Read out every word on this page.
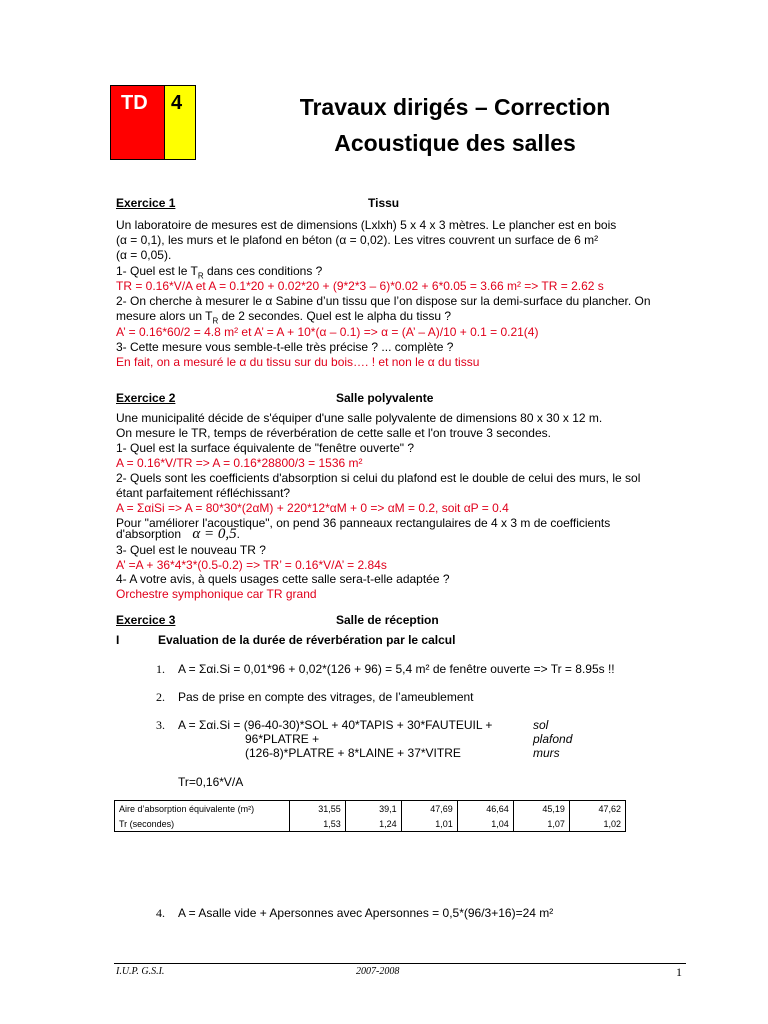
TD	4	Travaux dirigés – Correction
Acoustique des salles
Exercice 1	Tissu
Un laboratoire de mesures est de dimensions (Lxlxh) 5 x 4 x 3 mètres. Le plancher est en bois
(α = 0,1), les murs et le plafond en béton (α = 0,02). Les vitres couvrent un surface de 6 m²
(α = 0,05).
1- Quel est le $T_R$ dans ces conditions ?
TR = 0.16*V/A et A = 0.1*20 + 0.02*20 + (9*2*3 – 6)*0.02 + 6*0.05 = 3.66 m² => TR = 2.62 s
2- On cherche à mesurer le α Sabine d’un tissu que l’on dispose sur la demi-surface du plancher. On
mesure alors un $T_R$ de 2 secondes. Quel est le alpha du tissu ?
A’ = 0.16*60/2 = 4.8 m² et A’ = A + 10*(α – 0.1) => α = (A’ – A)/10 + 0.1 = 0.21(4)
3- Cette mesure vous semble-t-elle très précise ? ... complète ?
En fait, on a mesuré le α du tissu sur du bois…. ! et non le α du tissu
Exercice 2	Salle polyvalente
Une municipalité décide de s'équiper d'une salle polyvalente de dimensions 80 x 30 x 12 m.
On mesure le TR, temps de réverbération de cette salle et l'on trouve 3 secondes.
1- Quel est la surface équivalente de "fenêtre ouverte" ?
A = 0.16*V/TR => A = 0.16*28800/3 = 1536 m²
2- Quels sont les coefficients d'absorption si celui du plafond est le double de celui des murs, le sol
étant parfaitement réfléchissant?
A = ΣαiSi => A = 80*30*(2αM) + 220*12*αM + 0 => αM = 0.2, soit αP = 0.4
Pour "améliorer l'acoustique", on pend 36 panneaux rectangulaires de 4 x 3 m de coefficients
d'absorption α = 0,5.
3- Quel est le nouveau TR ?
A’ =A + 36*4*3*(0.5-0.2) => TR’ = 0.16*V/A’ = 2.84s
4- A votre avis, à quels usages cette salle sera-t-elle adaptée ?
Orchestre symphonique car TR grand
Exercice 3	Salle de réception
I	Evaluation de la durée de réverbération par le calcul
1. A = Σαi.Si = 0,01*96 + 0,02*(126 + 96) = 5,4 m² de fenêtre ouverte => Tr = 8.95s !!
2. Pas de prise en compte des vitrages, de l’ameublement
3. A = Σαi.Si = (96-40-30)*SOL + 40*TAPIS + 30*FAUTEUIL +
96*PLATRE +
(126-8)*PLATRE + 8*LAINE + 37*VITRE
sol
plafond
murs
Tr=0,16*V/A
Aire d’absorption équivalente (m²)	31,55	39,1	47,69	46,64	45,19	47,62
Tr (secondes)	1,53	1,24	1,01	1,04	1,07	1,02
4. A = Asalle vide + Apersonnes avec Apersonnes = 0,5*(96/3+16)=24 m²
I.U.P. G.S.I.	2007-2008	1
